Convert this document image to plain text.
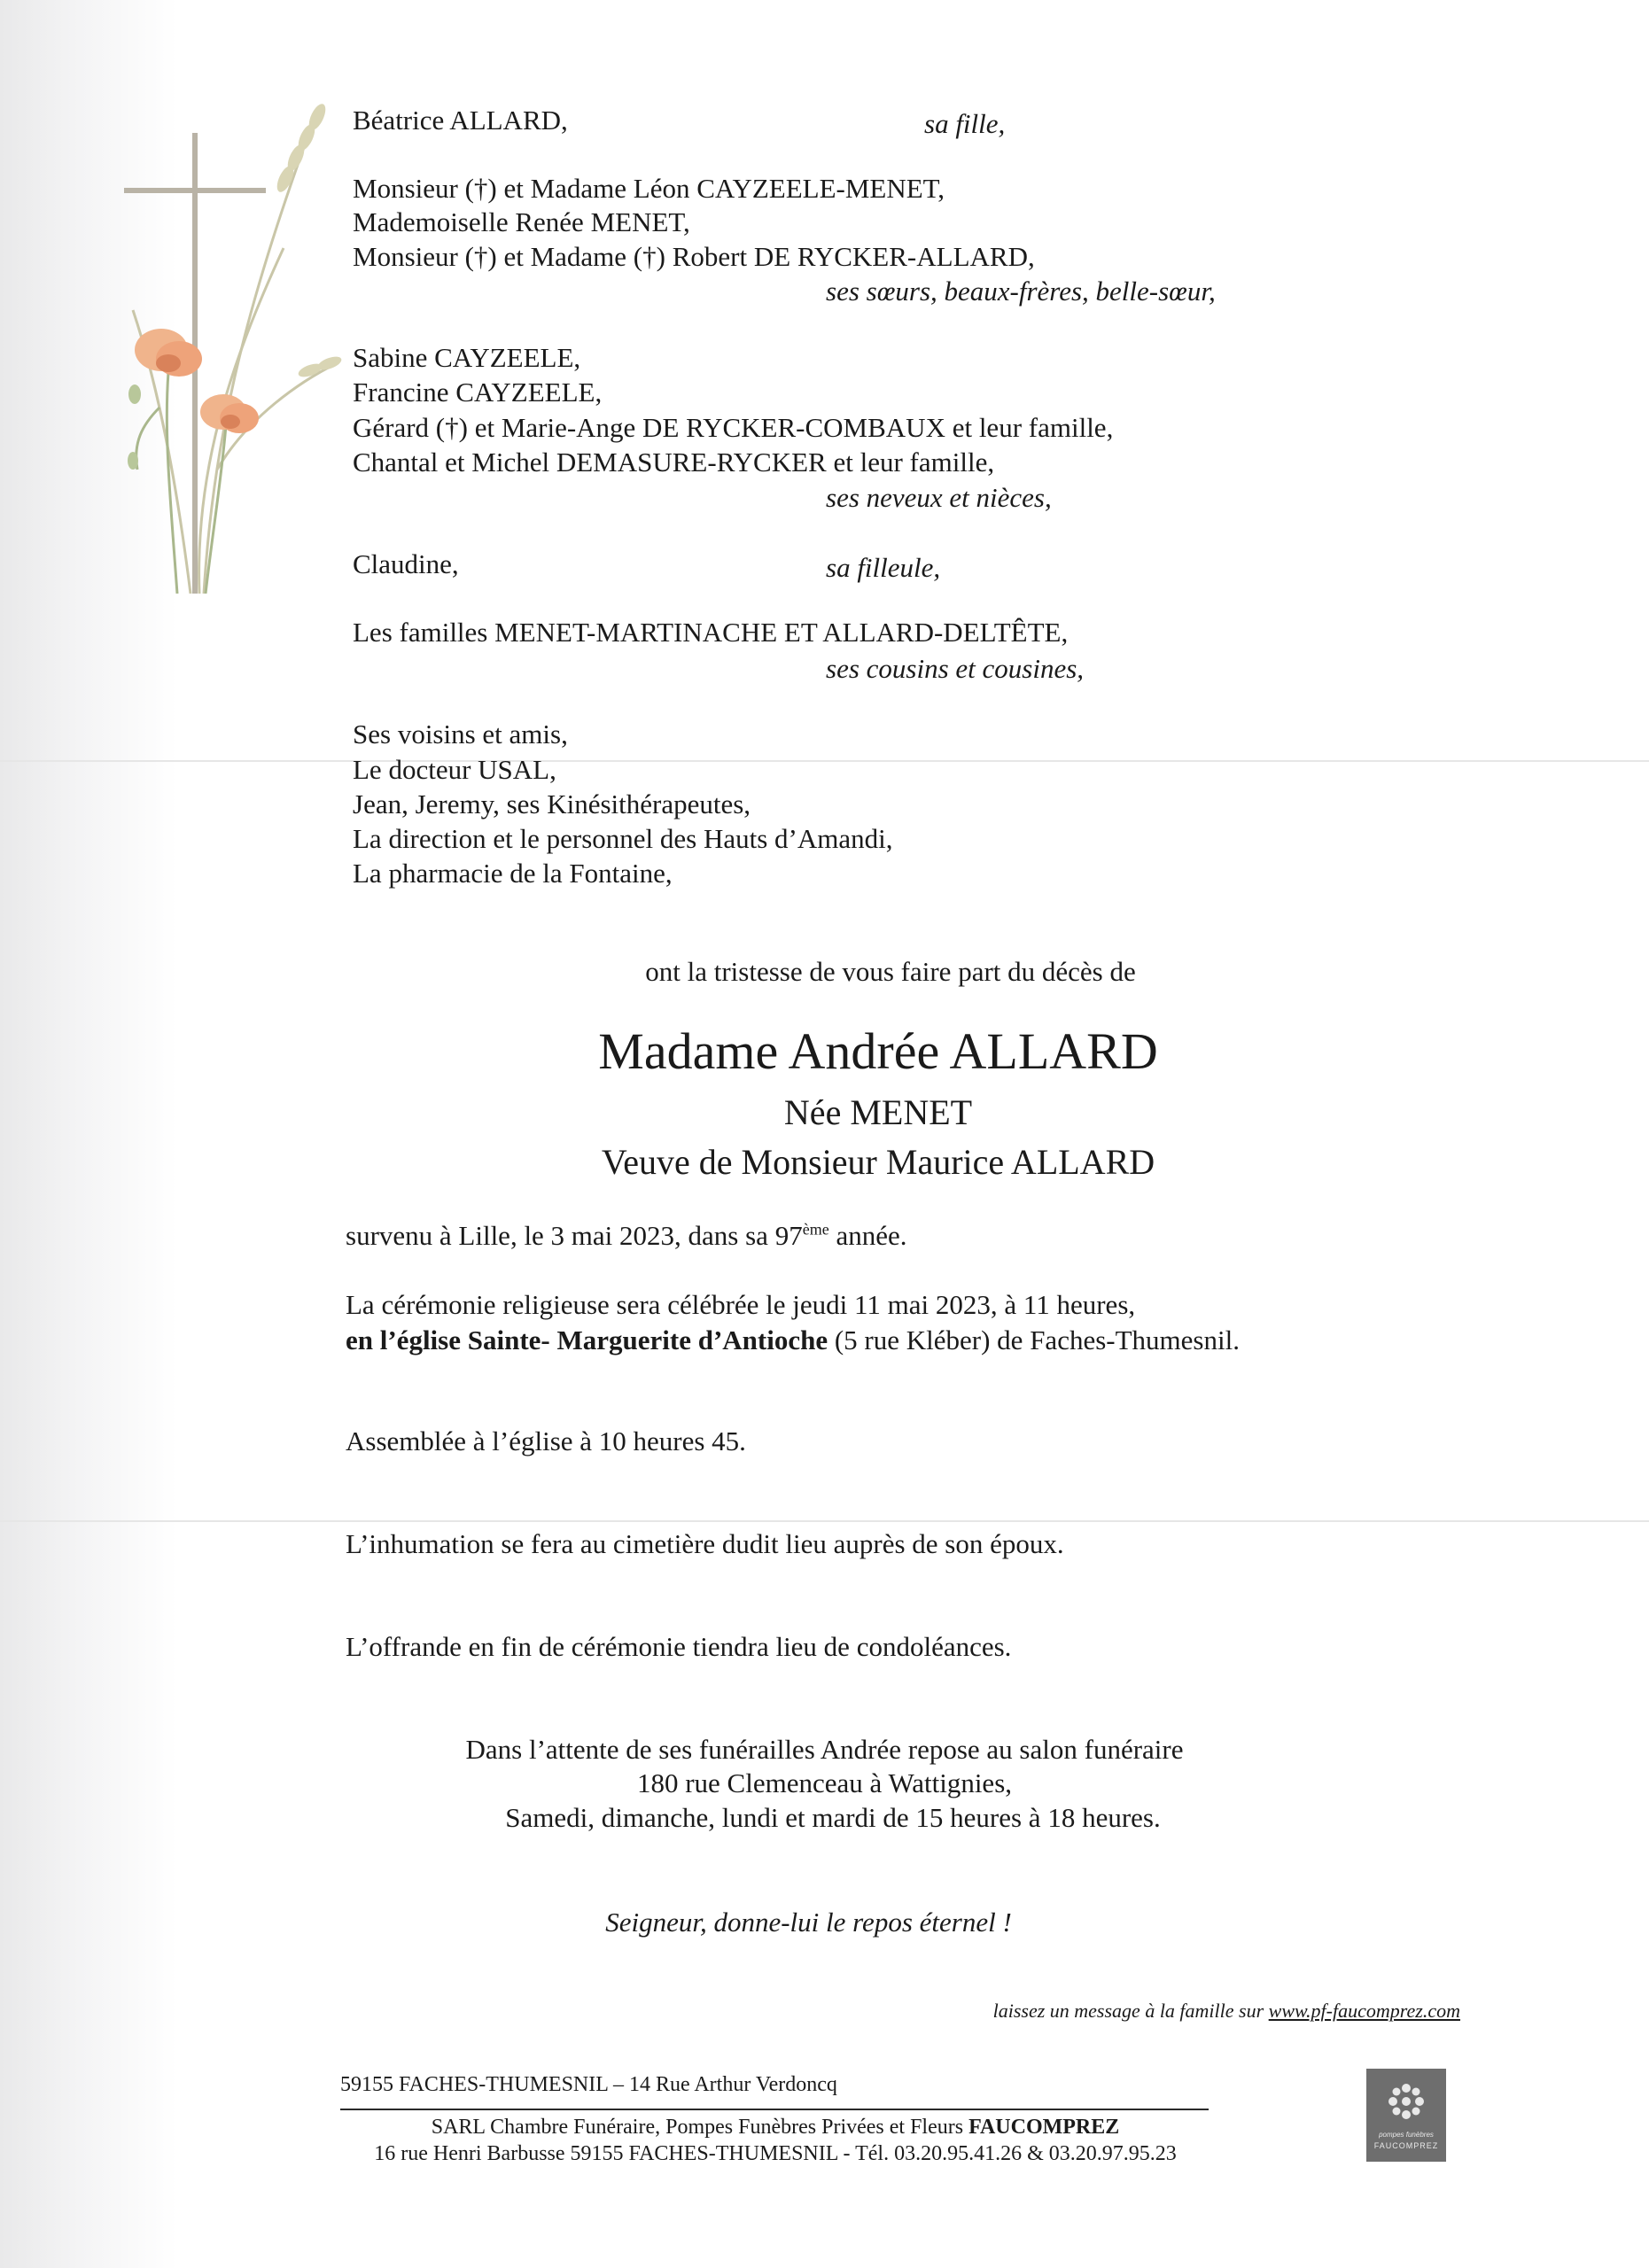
Béatrice ALLARD,	sa fille,
Monsieur (†) et Madame Léon CAYZEELE-MENET,
Mademoiselle Renée MENET,
Monsieur (†) et Madame (†) Robert DE RYCKER-ALLARD,
ses sœurs, beaux-frères, belle-sœur,
Sabine CAYZEELE,
Francine CAYZEELE,
Gérard (†) et Marie-Ange DE RYCKER-COMBAUX et leur famille,
Chantal et Michel DEMASURE-RYCKER et leur famille,
ses neveux et nièces,
Claudine,	sa filleule,
Les familles MENET-MARTINACHE ET ALLARD-DELTÊTE,
ses cousins et cousines,
Ses voisins et amis,
Le docteur USAL,
Jean, Jeremy, ses Kinésithérapeutes,
La direction et le personnel des Hauts d’Amandi,
La pharmacie de la Fontaine,
ont la tristesse de vous faire part du décès de
Madame Andrée ALLARD
Née MENET
Veuve de Monsieur Maurice ALLARD
survenu à Lille, le 3 mai 2023, dans sa 97ème année.
La cérémonie religieuse sera célébrée le jeudi 11 mai 2023, à 11 heures,
en l’église Sainte- Marguerite d’Antioche (5 rue Kléber) de Faches-Thumesnil.
Assemblée à l’église à 10 heures 45.
L’inhumation se fera au cimetière dudit lieu auprès de son époux.
L’offrande en fin de cérémonie tiendra lieu de condoléances.
Dans l’attente de ses funérailles Andrée repose au salon funéraire
180 rue Clemenceau à Wattignies,
Samedi, dimanche, lundi et mardi de 15 heures à 18 heures.
Seigneur, donne-lui le repos éternel !
laissez un message à la famille sur www.pf-faucomprez.com
59155 FACHES-THUMESNIL – 14 Rue Arthur Verdoncq
SARL Chambre Funéraire, Pompes Funèbres Privées et Fleurs FAUCOMPREZ
16 rue Henri Barbusse 59155 FACHES-THUMESNIL - Tél. 03.20.95.41.26 & 03.20.97.95.23
pompes funèbres
FAUCOMPREZ
